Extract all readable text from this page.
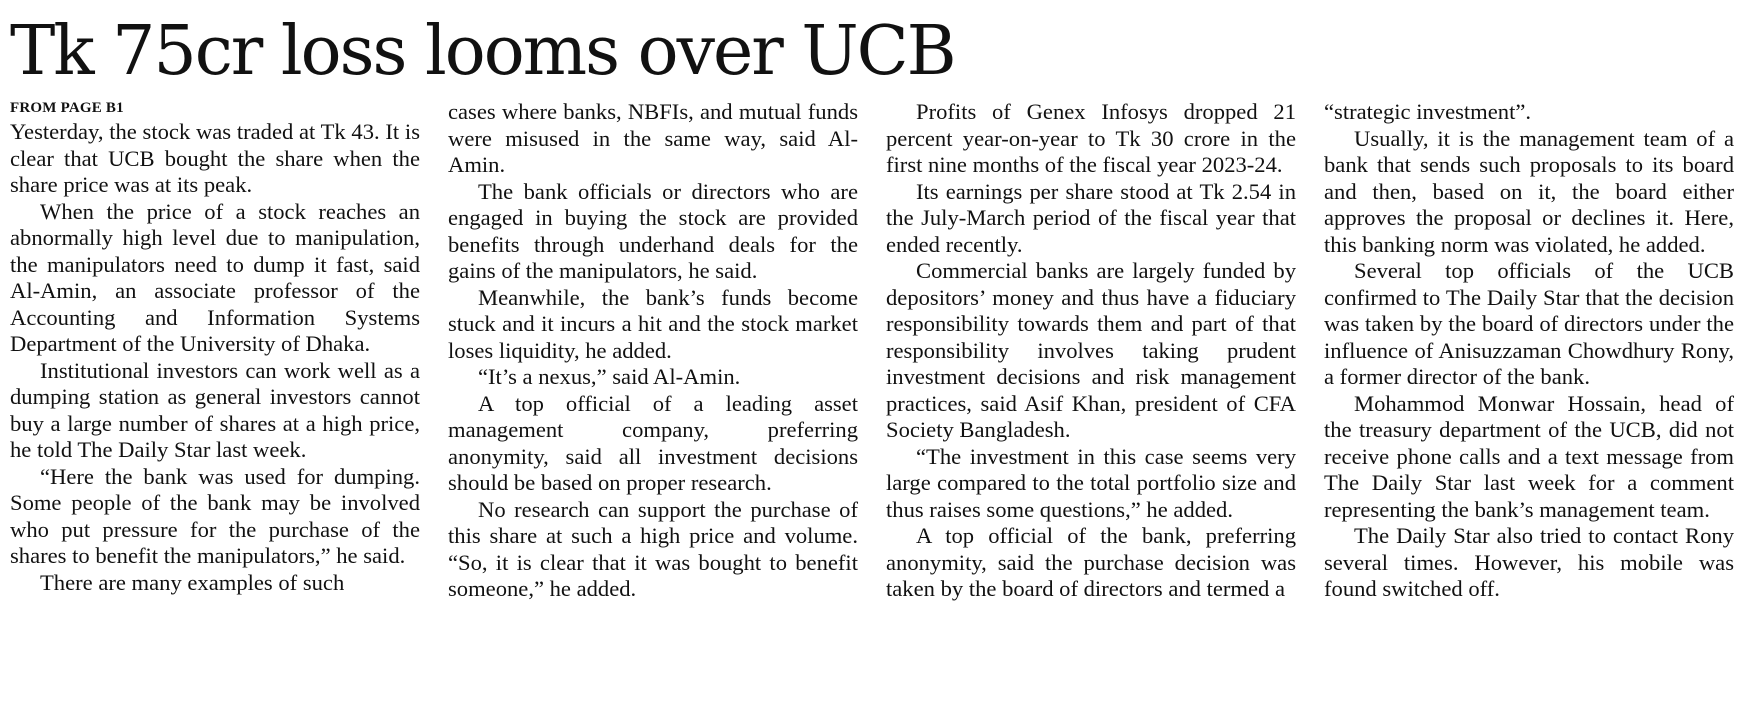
Tk 75cr loss looms over UCB
FROM PAGE B1

Yesterday, the stock was traded at Tk 43. It is clear that UCB bought the share when the share price was at its peak.

When the price of a stock reaches an abnormally high level due to manipulation, the manipulators need to dump it fast, said Al-Amin, an associate professor of the Accounting and Information Systems Department of the University of Dhaka.

Institutional investors can work well as a dumping station as general investors cannot buy a large number of shares at a high price, he told The Daily Star last week.

“Here the bank was used for dumping. Some people of the bank may be involved who put pressure for the purchase of the shares to benefit the manipulators,” he said.

There are many examples of such

cases where banks, NBFIs, and mutual funds were misused in the same way, said Al-Amin.

The bank officials or directors who are engaged in buying the stock are provided benefits through underhand deals for the gains of the manipulators, he said.

Meanwhile, the bank’s funds become stuck and it incurs a hit and the stock market loses liquidity, he added.

“It’s a nexus,” said Al-Amin.

A top official of a leading asset management company, preferring anonymity, said all investment decisions should be based on proper research.

No research can support the purchase of this share at such a high price and volume. “So, it is clear that it was bought to benefit someone,” he added.

Profits of Genex Infosys dropped 21 percent year-on-year to Tk 30 crore in the first nine months of the fiscal year 2023-24.

Its earnings per share stood at Tk 2.54 in the July-March period of the fiscal year that ended recently.

Commercial banks are largely funded by depositors’ money and thus have a fiduciary responsibility towards them and part of that responsibility involves taking prudent investment decisions and risk management practices, said Asif Khan, president of CFA Society Bangladesh.

“The investment in this case seems very large compared to the total portfolio size and thus raises some questions,” he added.

A top official of the bank, preferring anonymity, said the purchase decision was taken by the board of directors and termed a

“strategic investment”.

Usually, it is the management team of a bank that sends such proposals to its board and then, based on it, the board either approves the proposal or declines it. Here, this banking norm was violated, he added.

Several top officials of the UCB confirmed to The Daily Star that the decision was taken by the board of directors under the influence of Anisuzzaman Chowdhury Rony, a former director of the bank.

Mohammod Monwar Hossain, head of the treasury department of the UCB, did not receive phone calls and a text message from The Daily Star last week for a comment representing the bank’s management team.

The Daily Star also tried to contact Rony several times. However, his mobile was found switched off.
